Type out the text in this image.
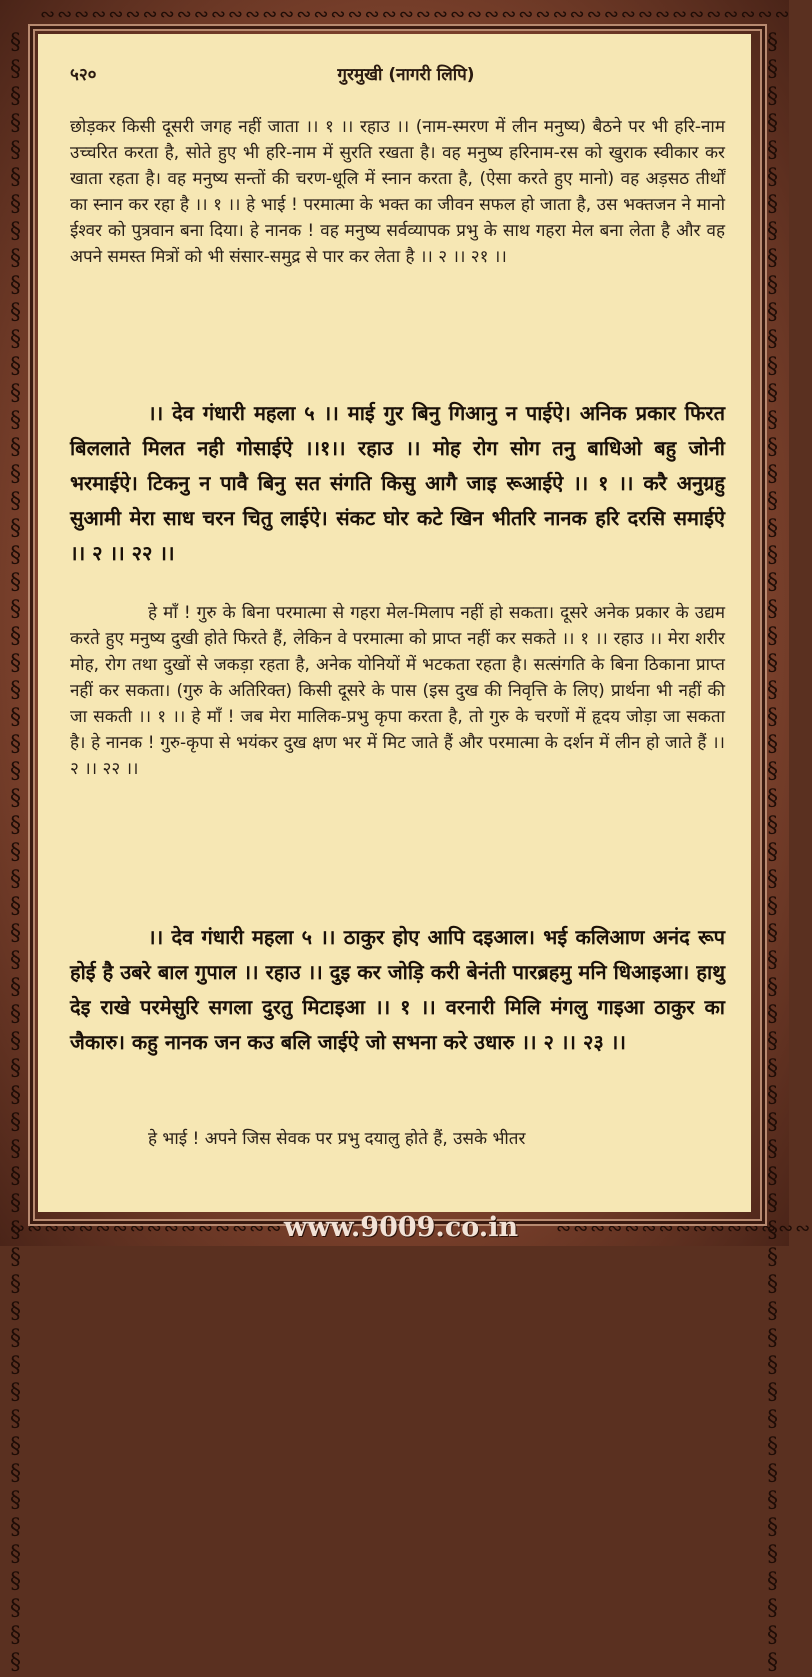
∾∾∾∾∾∾∾∾∾∾∾∾∾∾∾∾∾∾∾∾∾∾∾∾∾∾∾∾∾∾∾∾∾∾∾∾∾∾∾∾∾∾∾∾
§§§§§§§§§§§§§§§§§§§§§§§§§§§§§§§§§§§§§§§§§§§§§§§§§§§§§§§§§§§§§	§§§§§§§§§§§§§§§§§§§§§§§§§§§§§§§§§§§§§§§§§§§§§§§§§§§§§§§§§§§§§
∾∾∾∾∾∾∾∾∾∾∾∾∾∾∾∾	∾∾∾∾∾∾∾∾∾∾∾∾∾∾∾
५२०	गुरमुखी (नागरी लिपि)

छोड़कर किसी दूसरी जगह नहीं जाता ।। १ ।। रहाउ ।। (नाम-स्मरण में लीन मनुष्य) बैठने पर भी हरि-नाम उच्चरित करता है, सोते हुए भी हरि-नाम में सुरति रखता है। वह मनुष्य हरिनाम-रस को खुराक स्वीकार कर खाता रहता है। वह मनुष्य सन्तों की चरण-धूलि में स्नान करता है, (ऐसा करते हुए मानो) वह अड़सठ तीर्थों का स्नान कर रहा है ।। १ ।। हे भाई ! परमात्मा के भक्त का जीवन सफल हो जाता है, उस भक्तजन ने मानो ईश्वर को पुत्रवान बना दिया। हे नानक ! वह मनुष्य सर्वव्यापक प्रभु के साथ गहरा मेल बना लेता है और वह अपने समस्त मित्रों को भी संसार-समुद्र से पार कर लेता है ।। २ ।। २१ ।।

।। देव गंधारी महला ५ ।। माई गुर बिनु गिआनु न पाईऐ। अनिक प्रकार फिरत बिललाते मिलत नही गोसाईऐ ।।१।। रहाउ ।। मोह रोग सोग तनु बाधिओ बहु जोनी भरमाईऐ। टिकनु न पावै बिनु सत संगति किसु आगै जाइ रूआईऐ ।। १ ।। करै अनुग्रहु सुआमी मेरा साध चरन चितु लाईऐ। संकट घोर कटे खिन भीतरि नानक हरि दरसि समाईऐ ।। २ ।। २२ ।।

हे माँ ! गुरु के बिना परमात्मा से गहरा मेल-मिलाप नहीं हो सकता। दूसरे अनेक प्रकार के उद्यम करते हुए मनुष्य दुखी होते फिरते हैं, लेकिन वे परमात्मा को प्राप्त नहीं कर सकते ।। १ ।। रहाउ ।। मेरा शरीर मोह, रोग तथा दुखों से जकड़ा रहता है, अनेक योनियों में भटकता रहता है। सत्संगति के बिना ठिकाना प्राप्त नहीं कर सकता। (गुरु के अतिरिक्त) किसी दूसरे के पास (इस दुख की निवृत्ति के लिए) प्रार्थना भी नहीं की जा सकती ।। १ ।। हे माँ ! जब मेरा मालिक-प्रभु कृपा करता है, तो गुरु के चरणों में हृदय जोड़ा जा सकता है। हे नानक ! गुरु-कृपा से भयंकर दुख क्षण भर में मिट जाते हैं और परमात्मा के दर्शन में लीन हो जाते हैं ।। २ ।। २२ ।।

।। देव गंधारी महला ५ ।। ठाकुर होए आपि दइआल। भई कलिआण अनंद रूप होई है उबरे बाल गुपाल ।। रहाउ ।। दुइ कर जोड़ि करी बेनंती पारब्रहमु मनि धिआइआ। हाथु देइ राखे परमेसुरि सगला दुरतु मिटाइआ ।। १ ।। वरनारी मिलि मंगलु गाइआ ठाकुर का जैकारु। कहु नानक जन कउ बलि जाईऐ जो सभना करे उधारु ।। २ ।। २३ ।।

हे भाई ! अपने जिस सेवक पर प्रभु दयालु होते हैं, उसके भीतर

www.9009.co.in
